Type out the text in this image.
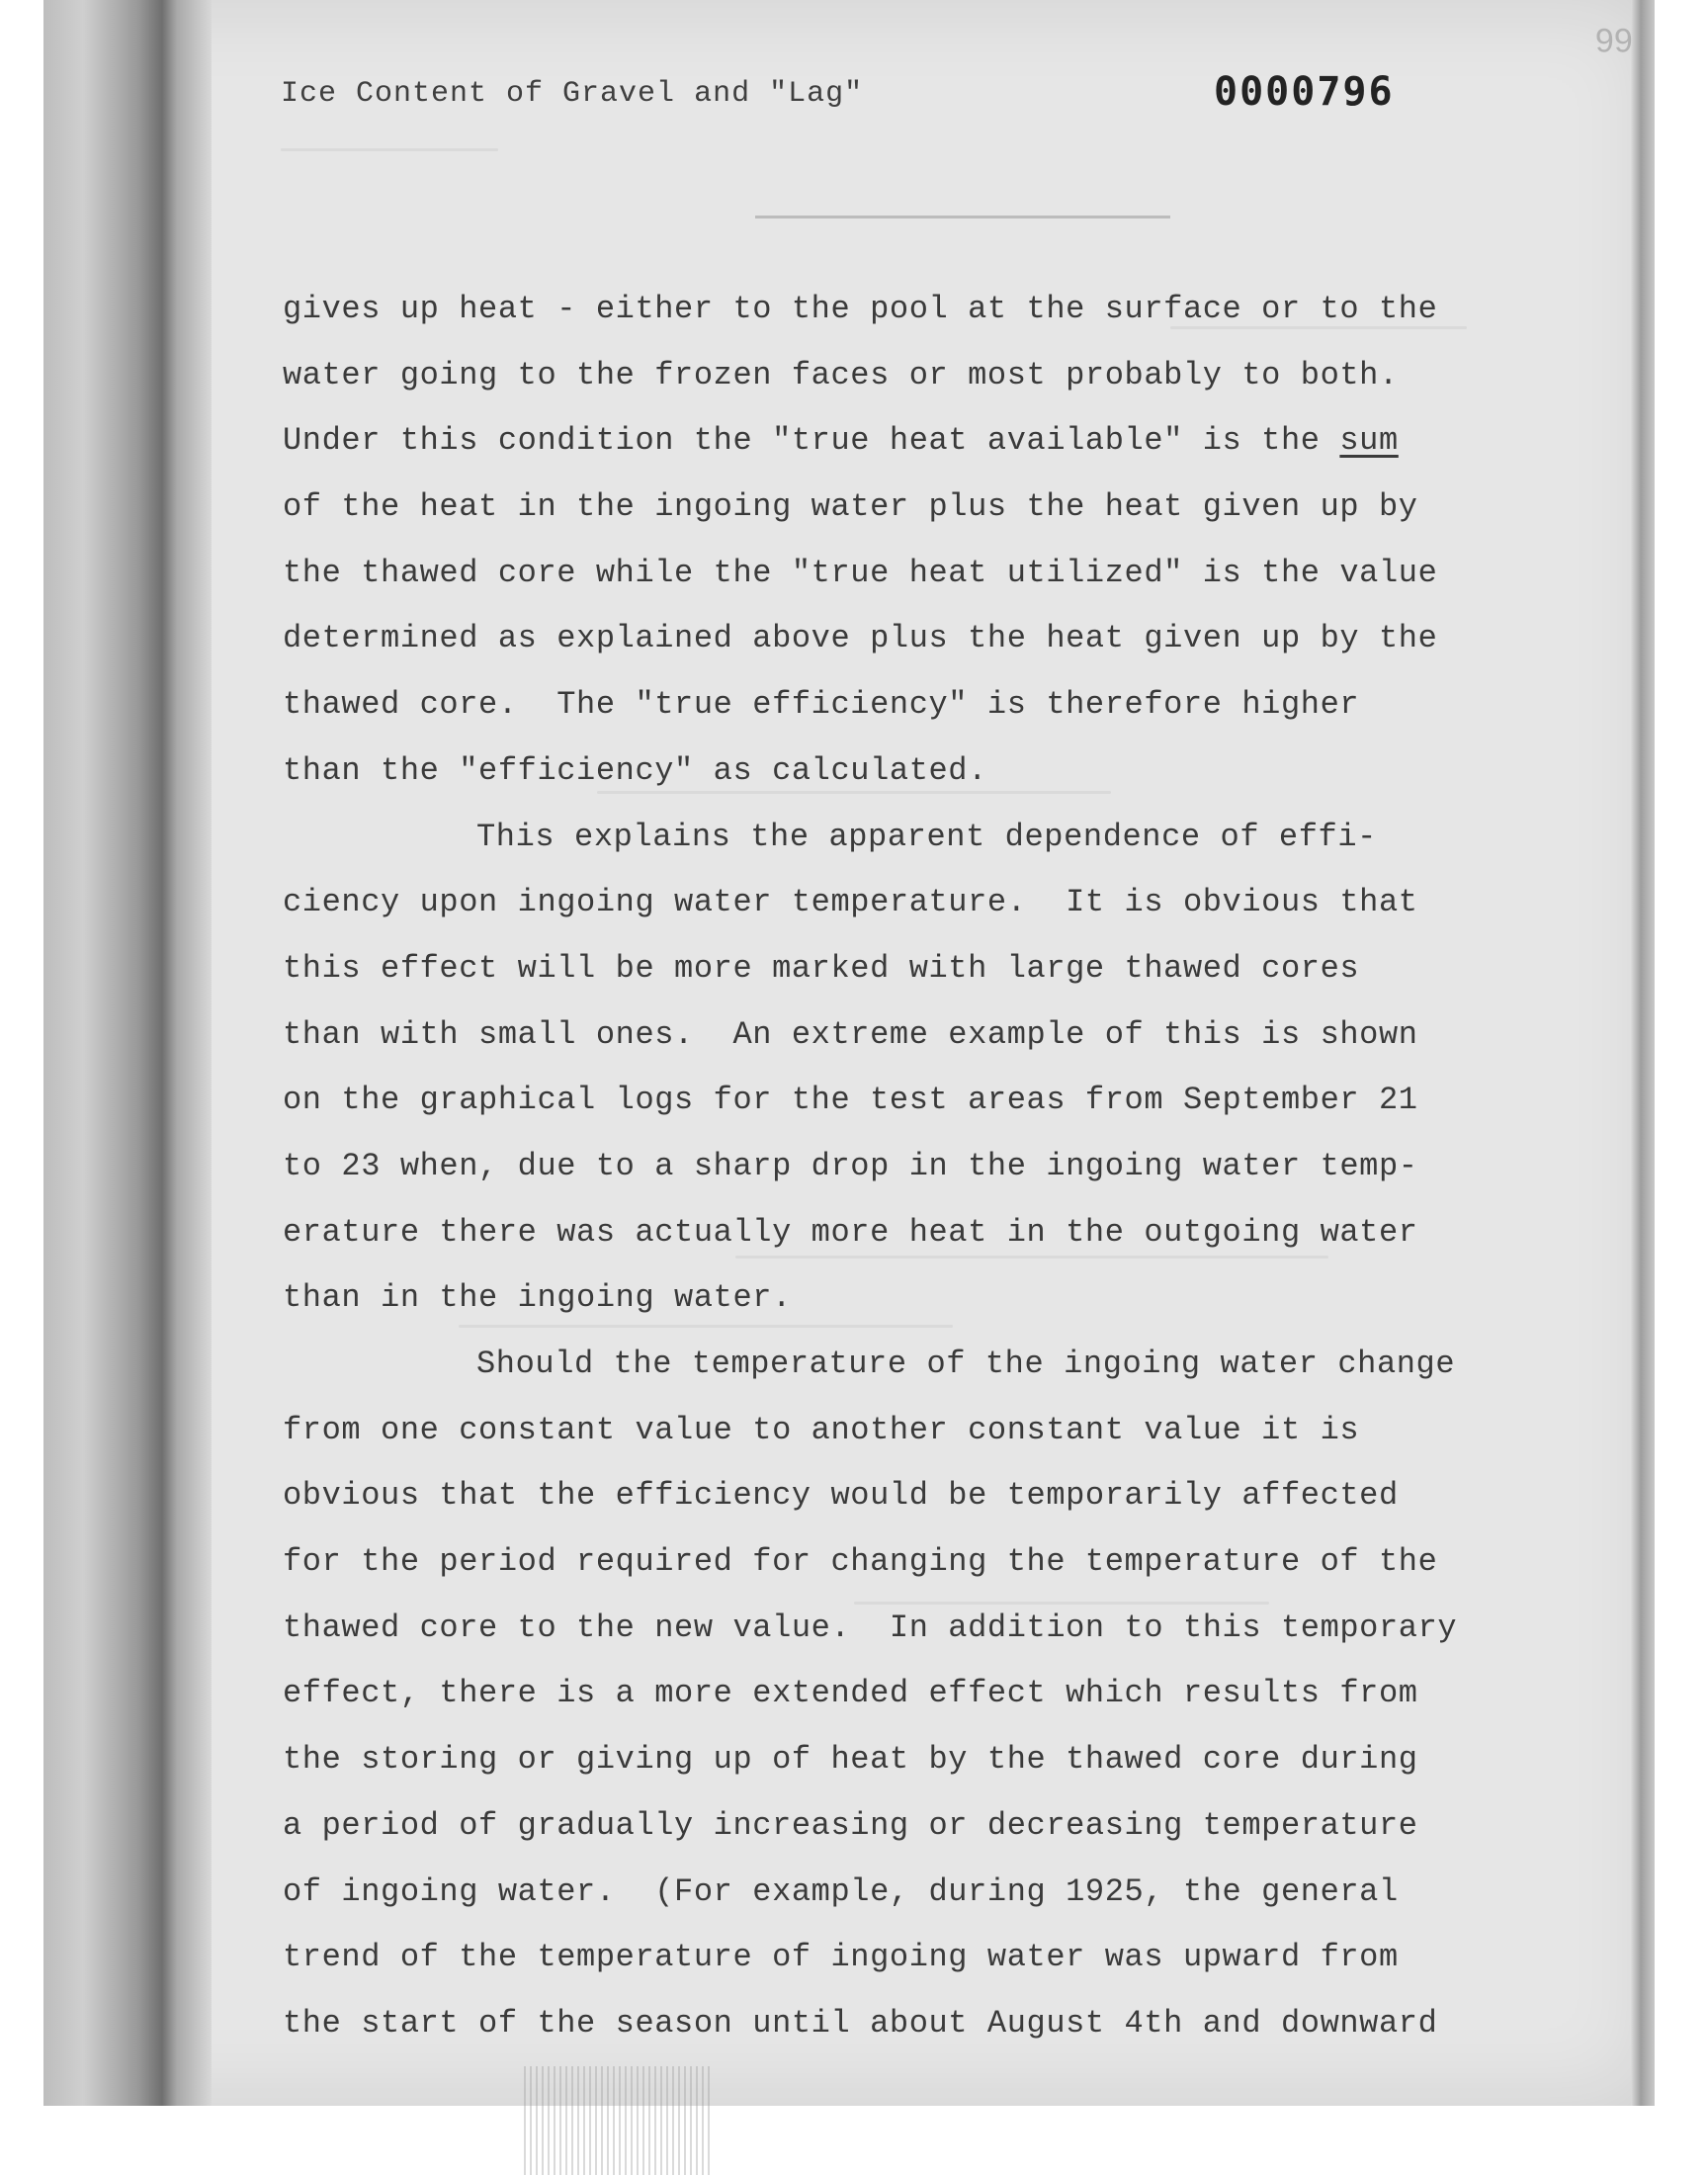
66
Ice Content of Gravel and "Lag"	0000796
gives up heat - either to the pool at the surface or to the
water going to the frozen faces or most probably to both.
Under this condition the "true heat available" is the sum
of the heat in the ingoing water plus the heat given up by
the thawed core while the "true heat utilized" is the value
determined as explained above plus the heat given up by the
thawed core.  The "true efficiency" is therefore higher
than the "efficiency" as calculated.
This explains the apparent dependence of effi-
ciency upon ingoing water temperature.  It is obvious that
this effect will be more marked with large thawed cores
than with small ones.  An extreme example of this is shown
on the graphical logs for the test areas from September 21
to 23 when, due to a sharp drop in the ingoing water temp-
erature there was actually more heat in the outgoing water
than in the ingoing water.
Should the temperature of the ingoing water change
from one constant value to another constant value it is
obvious that the efficiency would be temporarily affected
for the period required for changing the temperature of the
thawed core to the new value.  In addition to this temporary
effect, there is a more extended effect which results from
the storing or giving up of heat by the thawed core during
a period of gradually increasing or decreasing temperature
of ingoing water.  (For example, during 1925, the general
trend of the temperature of ingoing water was upward from
the start of the season until about August 4th and downward
